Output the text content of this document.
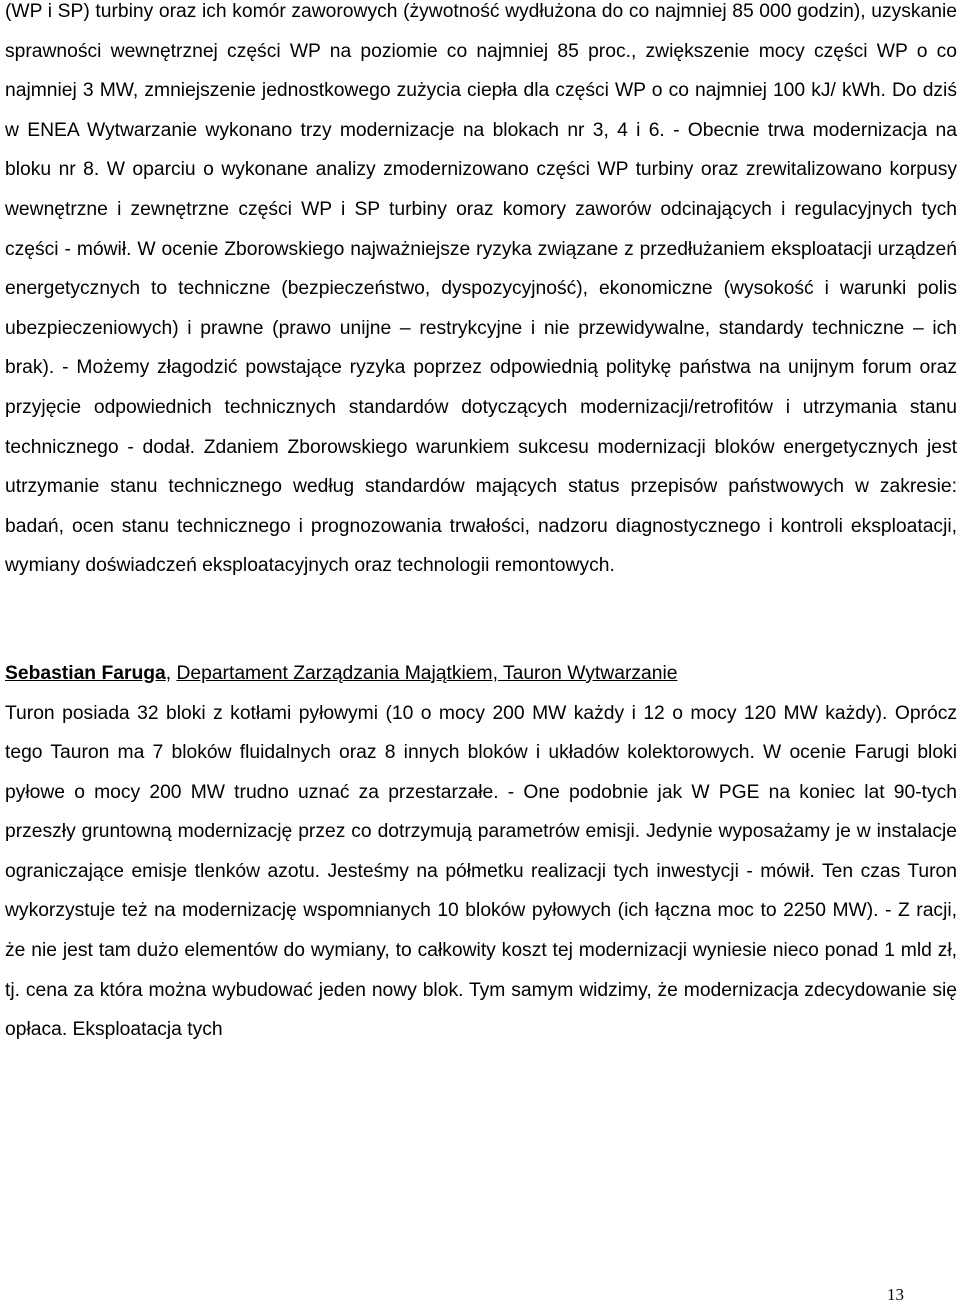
(WP i SP) turbiny oraz ich komór zaworowych (żywotność wydłużona do co najmniej 85 000 godzin), uzyskanie sprawności wewnętrznej części WP na poziomie co najmniej 85 proc., zwiększenie mocy części WP o co najmniej 3 MW, zmniejszenie jednostkowego zużycia ciepła dla części WP o co najmniej 100 kJ/ kWh. Do dziś w ENEA Wytwarzanie wykonano trzy modernizacje na blokach nr 3, 4 i 6. - Obecnie trwa modernizacja na bloku nr 8. W oparciu o wykonane analizy zmodernizowano części WP turbiny oraz zrewitalizowano korpusy wewnętrzne i zewnętrzne części WP i SP turbiny oraz komory zaworów odcinających i regulacyjnych tych części - mówił. W ocenie Zborowskiego najważniejsze ryzyka związane z przedłużaniem eksploatacji urządzeń energetycznych to techniczne (bezpieczeństwo, dyspozycyjność), ekonomiczne (wysokość i warunki polis ubezpieczeniowych) i prawne (prawo unijne – restrykcyjne i nie przewidywalne, standardy techniczne – ich brak). - Możemy złagodzić powstające ryzyka poprzez odpowiednią politykę państwa na unijnym forum oraz przyjęcie odpowiednich technicznych standardów dotyczących modernizacji/retrofitów i utrzymania stanu technicznego - dodał. Zdaniem Zborowskiego warunkiem sukcesu modernizacji bloków energetycznych jest utrzymanie stanu technicznego według standardów mających status przepisów państwowych w zakresie: badań, ocen stanu technicznego i prognozowania trwałości, nadzoru diagnostycznego i kontroli eksploatacji, wymiany doświadczeń eksploatacyjnych oraz technologii remontowych.

Sebastian Faruga, Departament Zarządzania Majątkiem, Tauron Wytwarzanie

Turon posiada 32 bloki z kotłami pyłowymi (10 o mocy 200 MW każdy i 12 o mocy 120 MW każdy). Oprócz tego Tauron ma 7 bloków fluidalnych oraz 8 innych bloków i układów kolektorowych. W ocenie Farugi bloki pyłowe o mocy 200 MW trudno uznać za przestarzałe. - One podobnie jak W PGE na koniec lat 90-tych przeszły gruntowną modernizację przez co dotrzymują parametrów emisji. Jedynie wyposażamy je w instalacje ograniczające emisje tlenków azotu. Jesteśmy na półmetku realizacji tych inwestycji - mówił. Ten czas Turon wykorzystuje też na modernizację wspomnianych 10 bloków pyłowych (ich łączna moc to 2250 MW). - Z racji, że nie jest tam dużo elementów do wymiany, to całkowity koszt tej modernizacji wyniesie nieco ponad 1 mld zł, tj. cena za która można wybudować jeden nowy blok. Tym samym widzimy, że modernizacja zdecydowanie się opłaca. Eksploatacja tych

13
